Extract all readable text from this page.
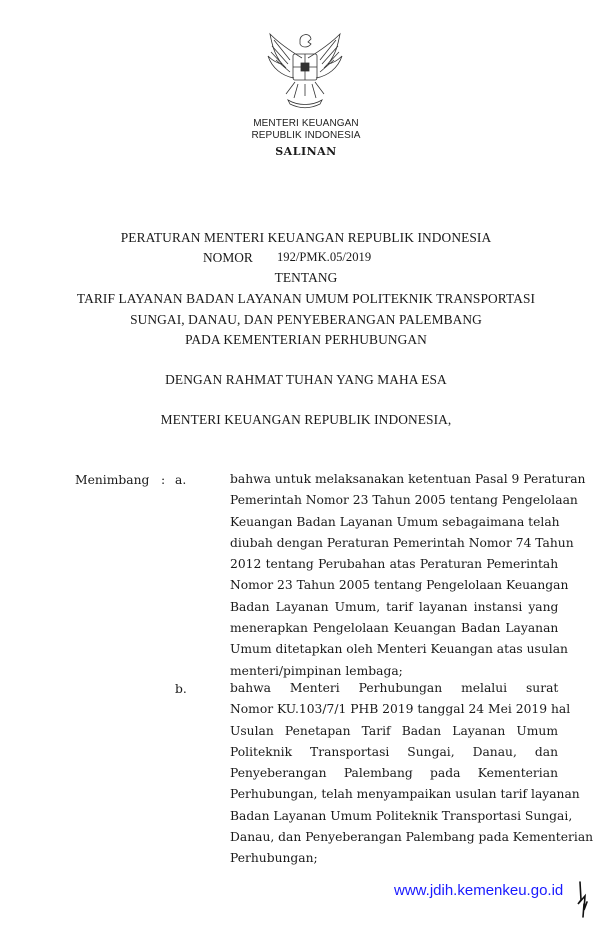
MENTERI KEUANGAN
REPUBLIK INDONESIA
SALINAN
PERATURAN MENTERI KEUANGAN REPUBLIK INDONESIA
NOMOR 192/PMK.05/2019
TENTANG
TARIF LAYANAN BADAN LAYANAN UMUM POLITEKNIK TRANSPORTASI
SUNGAI, DANAU, DAN PENYEBERANGAN PALEMBANG
PADA KEMENTERIAN PERHUBUNGAN
DENGAN RAHMAT TUHAN YANG MAHA ESA
MENTERI KEUANGAN REPUBLIK INDONESIA,
Menimbang : a.	bahwa untuk melaksanakan ketentuan Pasal 9 Peraturan
Pemerintah Nomor 23 Tahun 2005 tentang Pengelolaan
Keuangan Badan Layanan Umum sebagaimana telah
diubah dengan Peraturan Pemerintah Nomor 74 Tahun
2012 tentang Perubahan atas Peraturan Pemerintah
Nomor 23 Tahun 2005 tentang Pengelolaan Keuangan
Badan Layanan Umum, tarif layanan instansi yang
menerapkan Pengelolaan Keuangan Badan Layanan
Umum ditetapkan oleh Menteri Keuangan atas usulan
menteri/pimpinan lembaga;
b.	bahwa Menteri Perhubungan melalui surat
Nomor KU.103/7/1 PHB 2019 tanggal 24 Mei 2019 hal
Usulan Penetapan Tarif Badan Layanan Umum
Politeknik Transportasi Sungai, Danau, dan
Penyeberangan Palembang pada Kementerian
Perhubungan, telah menyampaikan usulan tarif layanan
Badan Layanan Umum Politeknik Transportasi Sungai,
Danau, dan Penyeberangan Palembang pada Kementerian
Perhubungan;
www.jdih.kemenkeu.go.id
